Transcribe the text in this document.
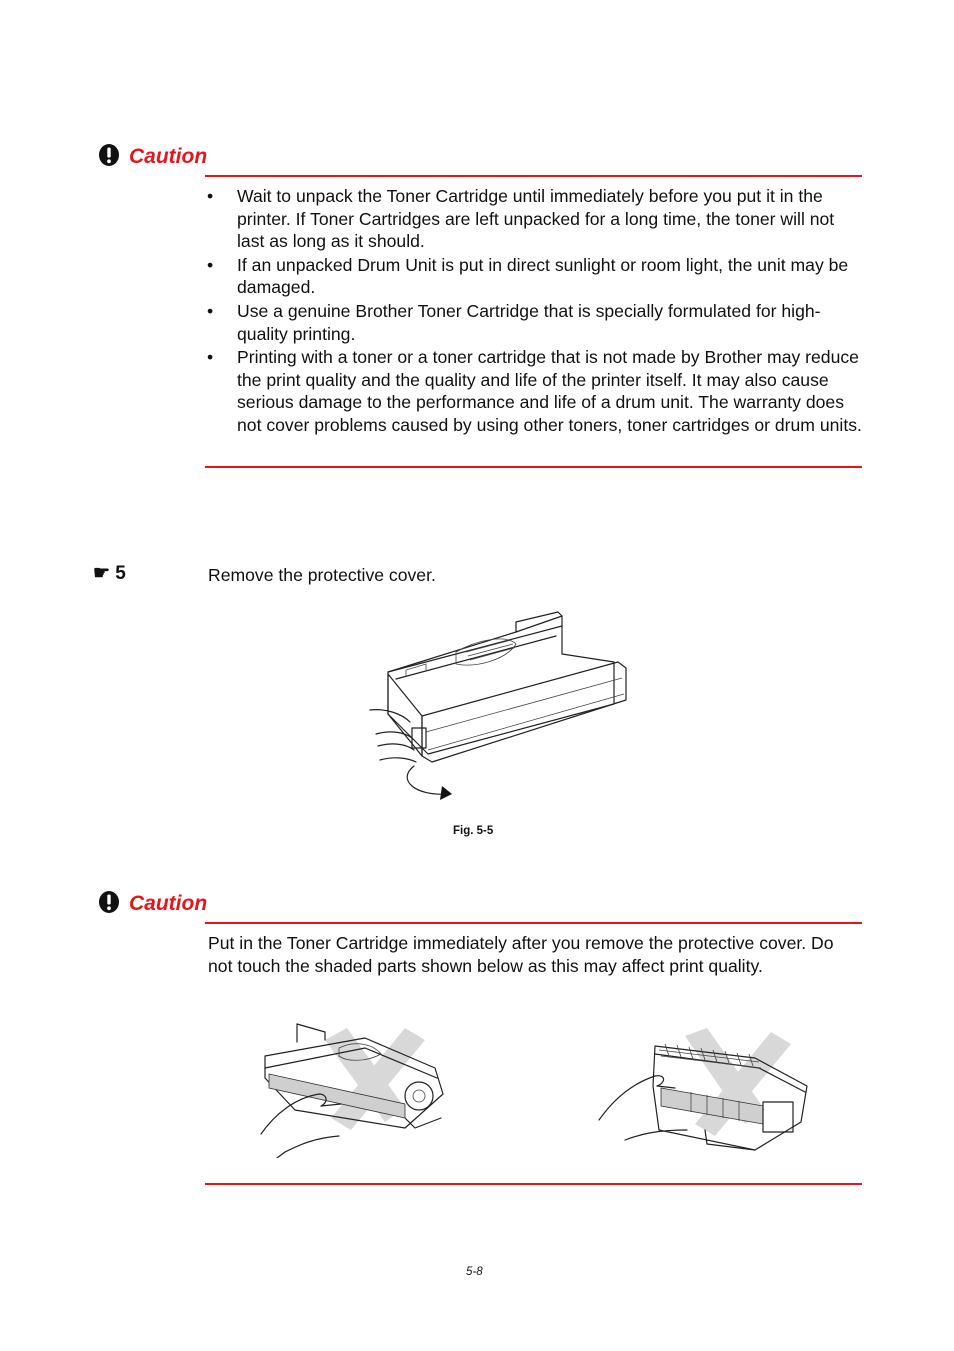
Caution
• Wait to unpack the Toner Cartridge until immediately before you put it in the printer. If Toner Cartridges are left unpacked for a long time, the toner will not last as long as it should.
• If an unpacked Drum Unit is put in direct sunlight or room light, the unit may be damaged.
• Use a genuine Brother Toner Cartridge that is specially formulated for high-quality printing.
• Printing with a toner or a toner cartridge that is not made by Brother may reduce the print quality and the quality and life of the printer itself. It may also cause serious damage to the performance and life of a drum unit. The warranty does not cover problems caused by using other toners, toner cartridges or drum units.
☛ 5	Remove the protective cover.
Fig. 5-5
Caution
Put in the Toner Cartridge immediately after you remove the protective cover. Do not touch the shaded parts shown below as this may affect print quality.
5-8
